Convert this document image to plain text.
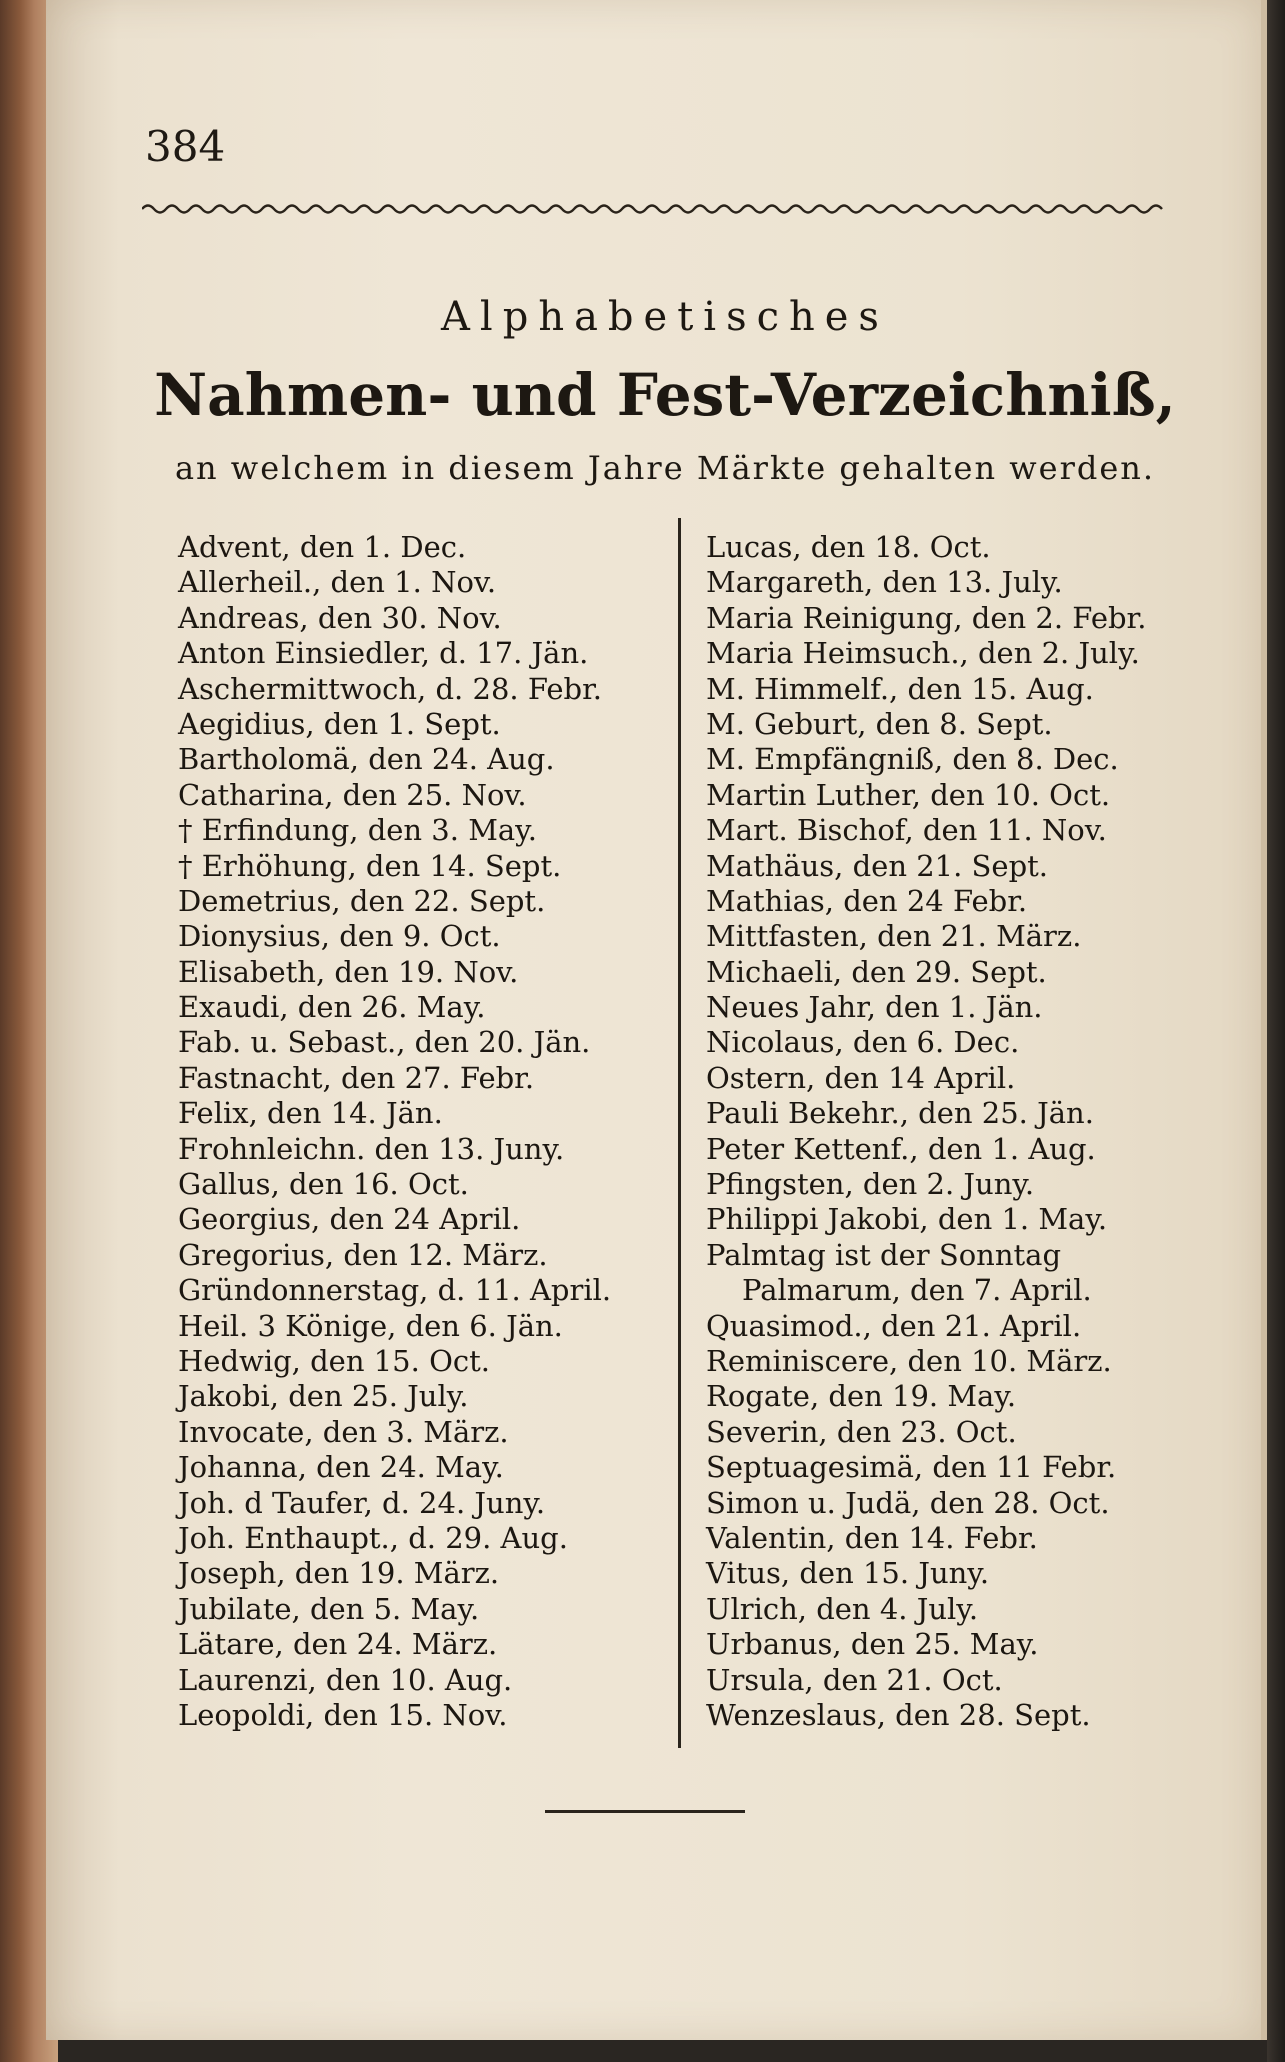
384
Alphabetisches
Nahmen- und Fest-Verzeichniß,
an welchem in diesem Jahre Märkte gehalten werden.
Advent, den 1. Dec.
Allerheil., den 1. Nov.
Andreas, den 30. Nov.
Anton Einsiedler, d. 17. Jän.
Aschermittwoch, d. 28. Febr.
Aegidius, den 1. Sept.
Bartholomä, den 24. Aug.
Catharina, den 25. Nov.
† Erfindung, den 3. May.
† Erhöhung, den 14. Sept.
Demetrius, den 22. Sept.
Dionysius, den 9. Oct.
Elisabeth, den 19. Nov.
Exaudi, den 26. May.
Fab. u. Sebast., den 20. Jän.
Fastnacht, den 27. Febr.
Felix, den 14. Jän.
Frohnleichn. den 13. Juny.
Gallus, den 16. Oct.
Georgius, den 24 April.
Gregorius, den 12. März.
Gründonnerstag, d. 11. April.
Heil. 3 Könige, den 6. Jän.
Hedwig, den 15. Oct.
Jakobi, den 25. July.
Invocate, den 3. März.
Johanna, den 24. May.
Joh. d Taufer, d. 24. Juny.
Joh. Enthaupt., d. 29. Aug.
Joseph, den 19. März.
Jubilate, den 5. May.
Lätare, den 24. März.
Laurenzi, den 10. Aug.
Leopoldi, den 15. Nov.
Lucas, den 18. Oct.
Margareth, den 13. July.
Maria Reinigung, den 2. Febr.
Maria Heimsuch., den 2. July.
M. Himmelf., den 15. Aug.
M. Geburt, den 8. Sept.
M. Empfängniß, den 8. Dec.
Martin Luther, den 10. Oct.
Mart. Bischof, den 11. Nov.
Mathäus, den 21. Sept.
Mathias, den 24 Febr.
Mittfasten, den 21. März.
Michaeli, den 29. Sept.
Neues Jahr, den 1. Jän.
Nicolaus, den 6. Dec.
Ostern, den 14 April.
Pauli Bekehr., den 25. Jän.
Peter Kettenf., den 1. Aug.
Pfingsten, den 2. Juny.
Philippi Jakobi, den 1. May.
Palmtag ist der Sonntag
Palmarum, den 7. April.
Quasimod., den 21. April.
Reminiscere, den 10. März.
Rogate, den 19. May.
Severin, den 23. Oct.
Septuagesimä, den 11 Febr.
Simon u. Judä, den 28. Oct.
Valentin, den 14. Febr.
Vitus, den 15. Juny.
Ulrich, den 4. July.
Urbanus, den 25. May.
Ursula, den 21. Oct.
Wenzeslaus, den 28. Sept.
